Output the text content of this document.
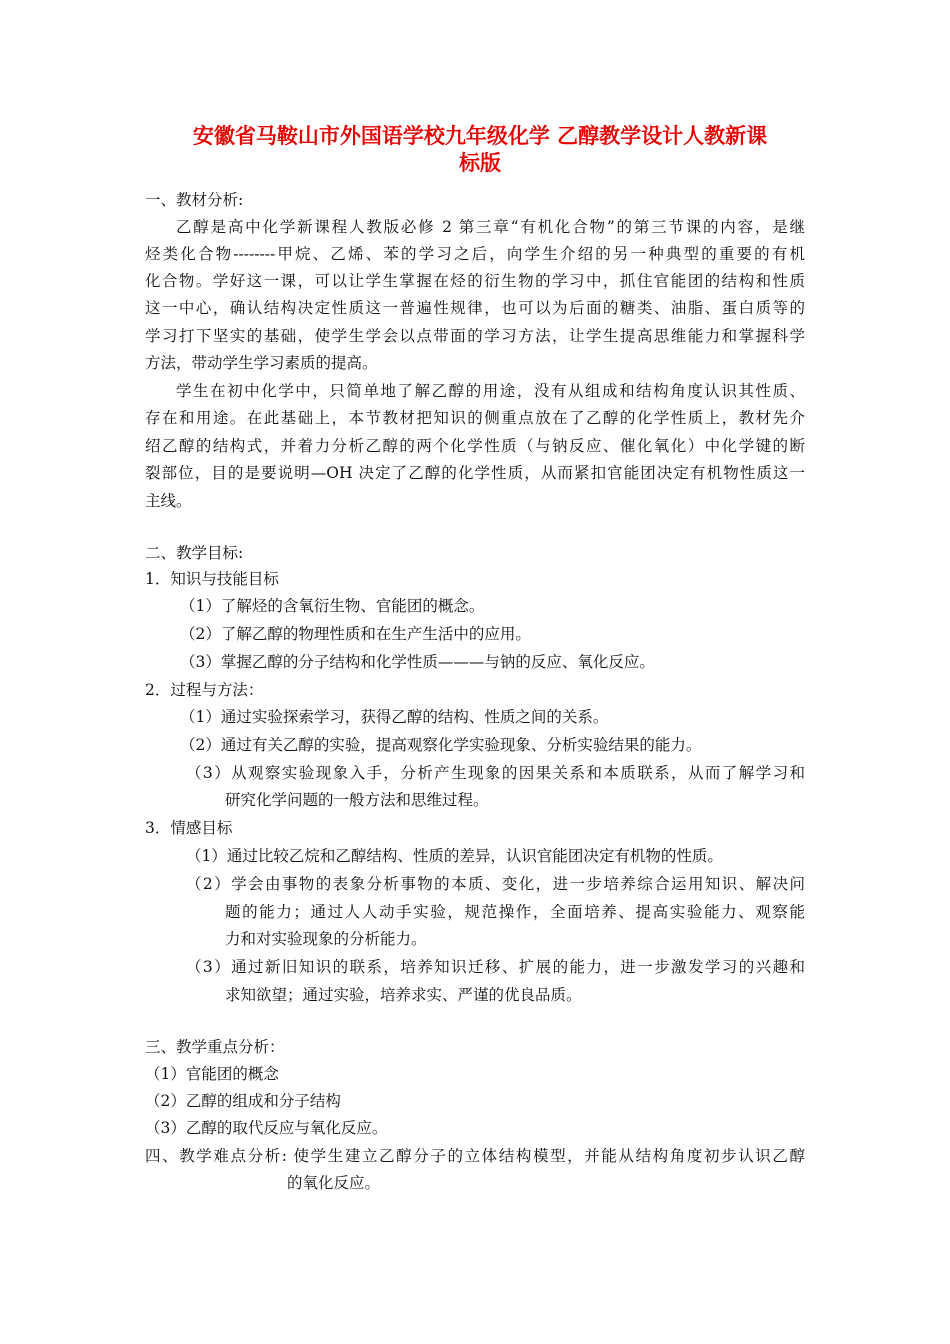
安徽省马鞍山市外国语学校九年级化学 乙醇教学设计人教新课
标版
一、教材分析:
乙醇是高中化学新课程人教版必修 2 第三章“有机化合物”的第三节课的内容，是继
烃类化合物--------甲烷、乙烯、苯的学习之后，向学生介绍的另一种典型的重要的有机
化合物。学好这一课，可以让学生掌握在烃的衍生物的学习中，抓住官能团的结构和性质
这一中心，确认结构决定性质这一普遍性规律，也可以为后面的糖类、油脂、蛋白质等的
学习打下坚实的基础，使学生学会以点带面的学习方法，让学生提高思维能力和掌握科学
方法，带动学生学习素质的提高。
学生在初中化学中，只简单地了解乙醇的用途，没有从组成和结构角度认识其性质、
存在和用途。在此基础上，本节教材把知识的侧重点放在了乙醇的化学性质上，教材先介
绍乙醇的结构式，并着力分析乙醇的两个化学性质（与钠反应、催化氧化）中化学键的断
裂部位，目的是要说明—OH 决定了乙醇的化学性质，从而紧扣官能团决定有机物性质这一
主线。
二、教学目标:
1．知识与技能目标
（1）了解烃的含氧衍生物、官能团的概念。
（2）了解乙醇的物理性质和在生产生活中的应用。
（3）掌握乙醇的分子结构和化学性质———与钠的反应、氧化反应。
2．过程与方法：
（1）通过实验探索学习，获得乙醇的结构、性质之间的关系。
（2）通过有关乙醇的实验，提高观察化学实验现象、分析实验结果的能力。
（3）从观察实验现象入手，分析产生现象的因果关系和本质联系，从而了解学习和
研究化学问题的一般方法和思维过程。
3．情感目标
（1）通过比较乙烷和乙醇结构、性质的差异，认识官能团决定有机物的性质。
（2）学会由事物的表象分析事物的本质、变化，进一步培养综合运用知识、解决问
题的能力；通过人人动手实验，规范操作，全面培养、提高实验能力、观察能
力和对实验现象的分析能力。
（3）通过新旧知识的联系，培养知识迁移、扩展的能力，进一步激发学习的兴趣和
求知欲望；通过实验，培养求实、严谨的优良品质。
三、教学重点分析：
（1）官能团的概念
（2）乙醇的组成和分子结构
（3）乙醇的取代反应与氧化反应。
四、教学难点分析: 使学生建立乙醇分子的立体结构模型，并能从结构角度初步认识乙醇
的氧化反应。
